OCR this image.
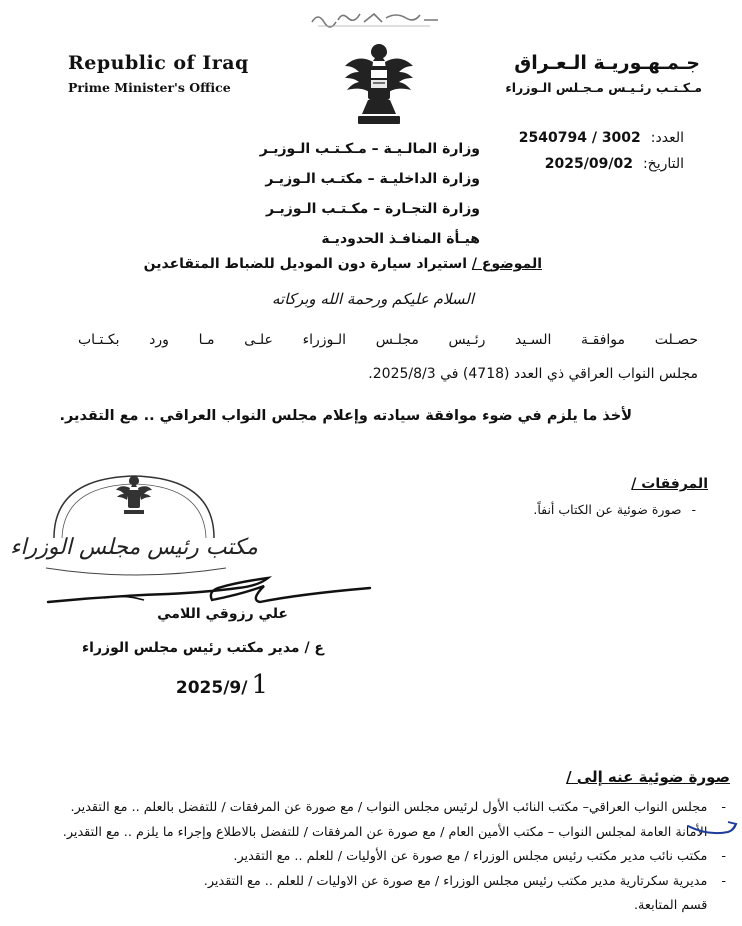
Republic of Iraq
Prime Minister's Office
جـمـهـوريـة الـعـراق
مـكـتـب رئـيـس مـجـلس الـوزراء
العدد:2540794 / 3002
التاريخ:2025/09/02
وزارة المالـيـة – مـكـتـب الـوزيـر
وزارة الداخليـة – مكتـب الـوزيـر
وزارة التجـارة – مكـتـب الـوزيـر
هيـأة المنافـذ الحدوديـة
الموضوع / استيراد سيارة دون الموديل للضباط المتقاعدين
السلام عليكم ورحمة الله وبركاته
حصـلت موافقـة السـيد رئـيس مجلـس الـوزراء علـى مـا ورد بكـتـاب
مجلس النواب العراقي ذي العدد (4718) في 2025/8/3.
لأخذ ما يلزم في ضوء موافقة سيادته وإعلام مجلس النواب العراقي .. مع التقدير.
المرفقات /
-صورة ضوئية عن الكتاب أنفاً.
مكتب رئيس مجلس الوزراء
علي رزوقي اللامي
ع / مدير مكتب رئيس مجلس الوزراء
2025/9/ 1
صورة ضوئية عنه إلى /
-مجلس النواب العراقي– مكتب النائب الأول لرئيس مجلس النواب / مع صورة عن المرفقات / للتفضل بالعلم .. مع التقدير.
-الأمانة العامة لمجلس النواب – مكتب الأمين العام / مع صورة عن المرفقات / للتفضل بالاطلاع وإجراء ما يلزم .. مع التقدير.
-مكتب نائب مدير مكتب رئيس مجلس الوزراء / مع صورة عن الأوليات / للعلم .. مع التقدير.
-مديرية سكرتارية مدير مكتب رئيس مجلس الوزراء / مع صورة عن الاوليات / للعلم .. مع التقدير.
قسم المتابعة.
